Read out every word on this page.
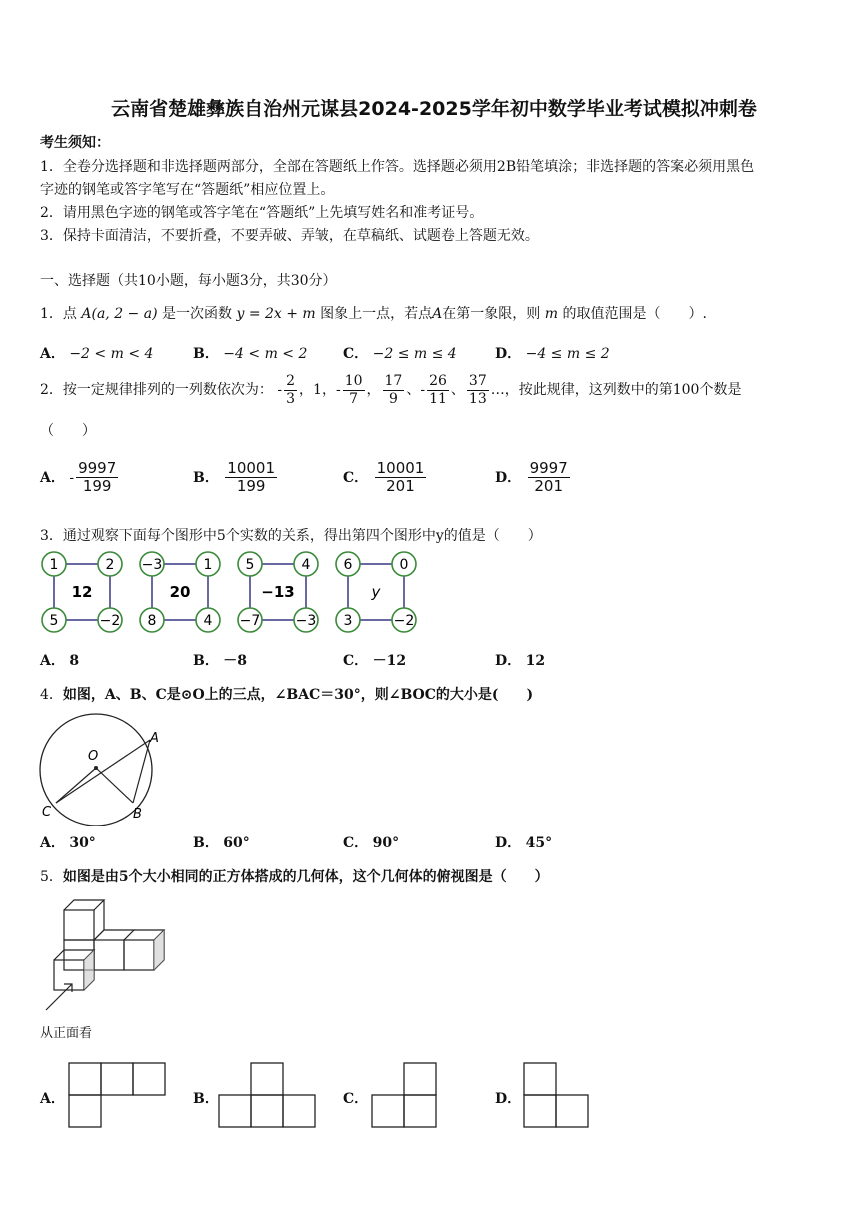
云南省楚雄彝族自治州元谋县2024-2025学年初中数学毕业考试模拟冲刺卷
考生须知：
1．全卷分选择题和非选择题两部分，全部在答题纸上作答。选择题必须用2B铅笔填涂；非选择题的答案必须用黑色
字迹的钢笔或答字笔写在“答题纸”相应位置上。
2．请用黑色字迹的钢笔或答字笔在“答题纸”上先填写姓名和准考证号。
3．保持卡面清洁，不要折叠，不要弄破、弄皱，在草稿纸、试题卷上答题无效。
一、选择题（共10小题，每小题3分，共30分）
1．点 A(a, 2 − a) 是一次函数 y = 2x + m 图象上一点，若点A在第一象限，则 m 的取值范围是（　　）.
A． −2 < m < 4	B． −4 < m < 2	C． −2 ≤ m ≤ 4	D． −4 ≤ m ≤ 2
2．按一定规律排列的一列数依次为： - $\frac{2}{3}$ ，1，- $\frac{10}{7}$ ， $\frac{17}{9}$ 、- $\frac{26}{11}$ 、 $\frac{37}{13}$ …，按此规律，这列数中的第100个数是
（　　）
A． - $\frac{9997}{199}$	B． $\frac{10001}{199}$	C． $\frac{10001}{201}$	D． $\frac{9997}{201}$
3．通过观察下面每个图形中5个实数的关系，得出第四个图形中y的值是（　　）
1	2
5	−2
12
−3	1
8	4
20
5	4
−7	−3
−13
6	0
3	−2
y
A． 8	B． －8	C． －12	D． 12
4．如图，A、B、C是⊙O上的三点，∠BAC＝30°，则∠BOC的大小是(　　)
O
A
B
C
A． 30°	B． 60°	C． 90°	D． 45°
5．如图是由5个大小相同的正方体搭成的几何体，这个几何体的俯视图是（　　）
从正面看
A．	B．	C．	D．
